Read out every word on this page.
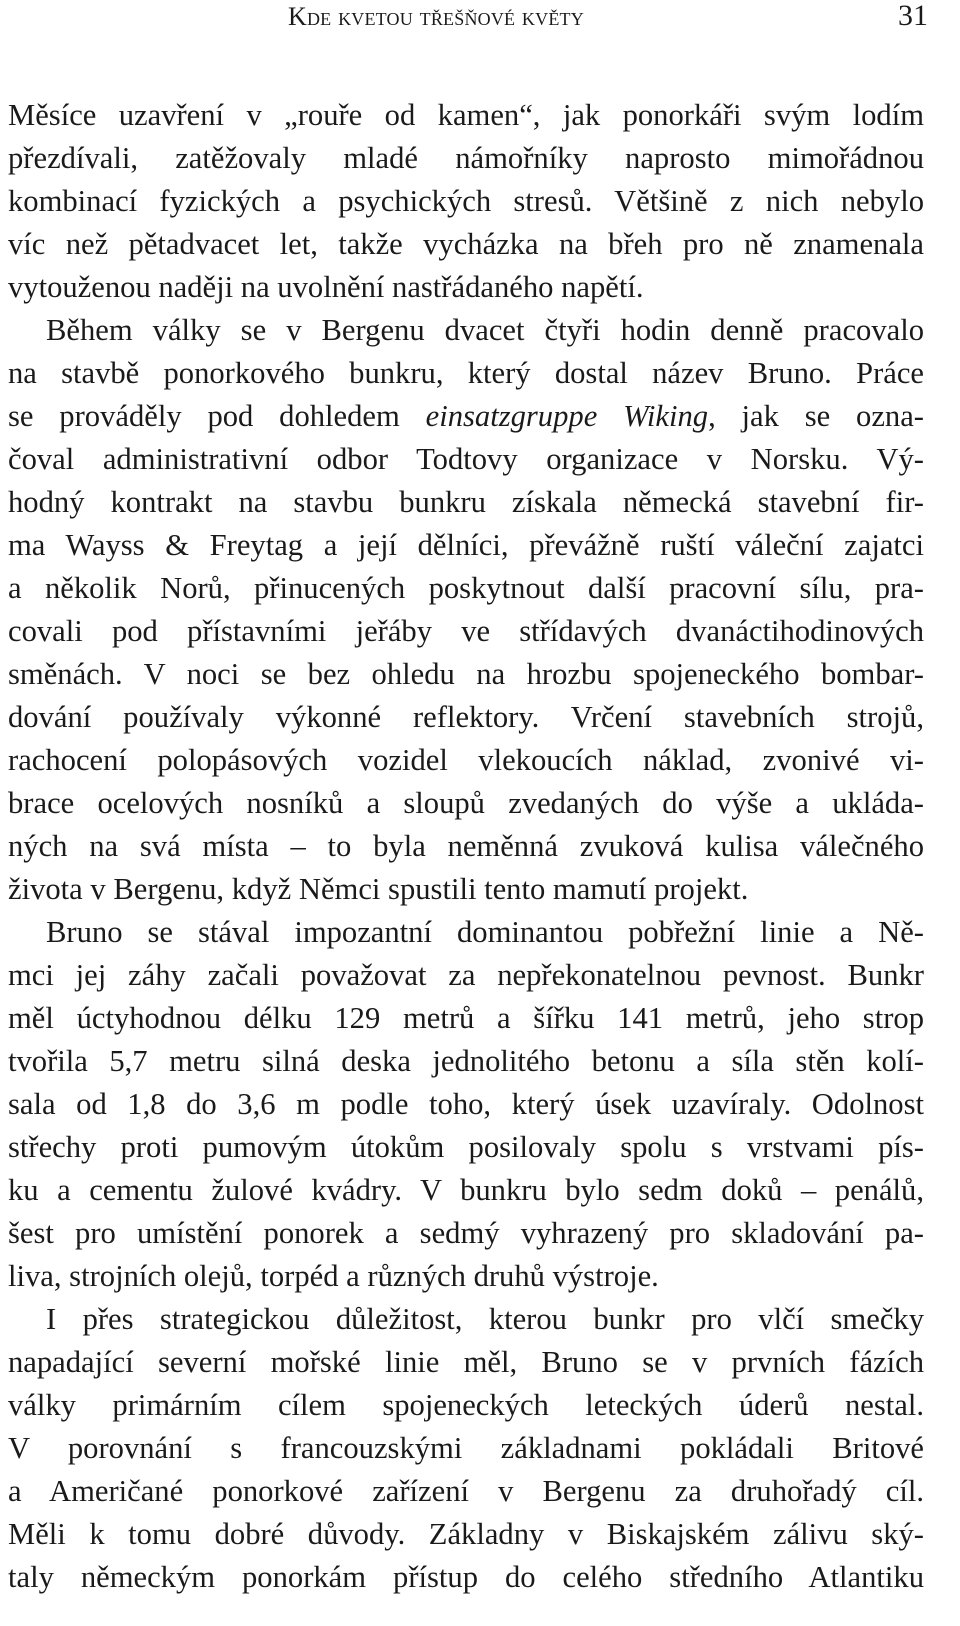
Kde kvetou třešňové květy	31
Měsíce uzavření v „rouře od kamen“, jak ponorkáři svým lodím
přezdívali, zatěžovaly mladé námořníky naprosto mimořádnou
kombinací fyzických a psychických stresů. Většině z nich nebylo
víc než pětadvacet let, takže vycházka na břeh pro ně znamenala
vytouženou naději na uvolnění nastřádaného napětí.
Během války se v Bergenu dvacet čtyři hodin denně pracovalo
na stavbě ponorkového bunkru, který dostal název Bruno. Práce
se prováděly pod dohledem einsatzgruppe Wiking, jak se ozna-
čoval administrativní odbor Todtovy organizace v Norsku. Vý-
hodný kontrakt na stavbu bunkru získala německá stavební fir-
ma Wayss & Freytag a její dělníci, převážně ruští váleční zajatci
a několik Norů, přinucených poskytnout další pracovní sílu, pra-
covali pod přístavními jeřáby ve střídavých dvanáctihodinových
směnách. V noci se bez ohledu na hrozbu spojeneckého bombar-
dování používaly výkonné reflektory. Vrčení stavebních strojů,
rachocení polopásových vozidel vlekoucích náklad, zvonivé vi-
brace ocelových nosníků a sloupů zvedaných do výše a ukláda-
ných na svá místa – to byla neměnná zvuková kulisa válečného
života v Bergenu, když Němci spustili tento mamutí projekt.
Bruno se stával impozantní dominantou pobřežní linie a Ně-
mci jej záhy začali považovat za nepřekonatelnou pevnost. Bunkr
měl úctyhodnou délku 129 metrů a šířku 141 metrů, jeho strop
tvořila 5,7 metru silná deska jednolitého betonu a síla stěn kolí-
sala od 1,8 do 3,6 m podle toho, který úsek uzavíraly. Odolnost
střechy proti pumovým útokům posilovaly spolu s vrstvami pís-
ku a cementu žulové kvádry. V bunkru bylo sedm doků – penálů,
šest pro umístění ponorek a sedmý vyhrazený pro skladování pa-
liva, strojních olejů, torpéd a různých druhů výstroje.
I přes strategickou důležitost, kterou bunkr pro vlčí smečky
napadající severní mořské linie měl, Bruno se v prvních fázích
války primárním cílem spojeneckých leteckých úderů nestal.
V porovnání s francouzskými základnami pokládali Britové
a Američané ponorkové zařízení v Bergenu za druhořadý cíl.
Měli k tomu dobré důvody. Základny v Biskajském zálivu ský-
taly německým ponorkám přístup do celého středního Atlantiku
